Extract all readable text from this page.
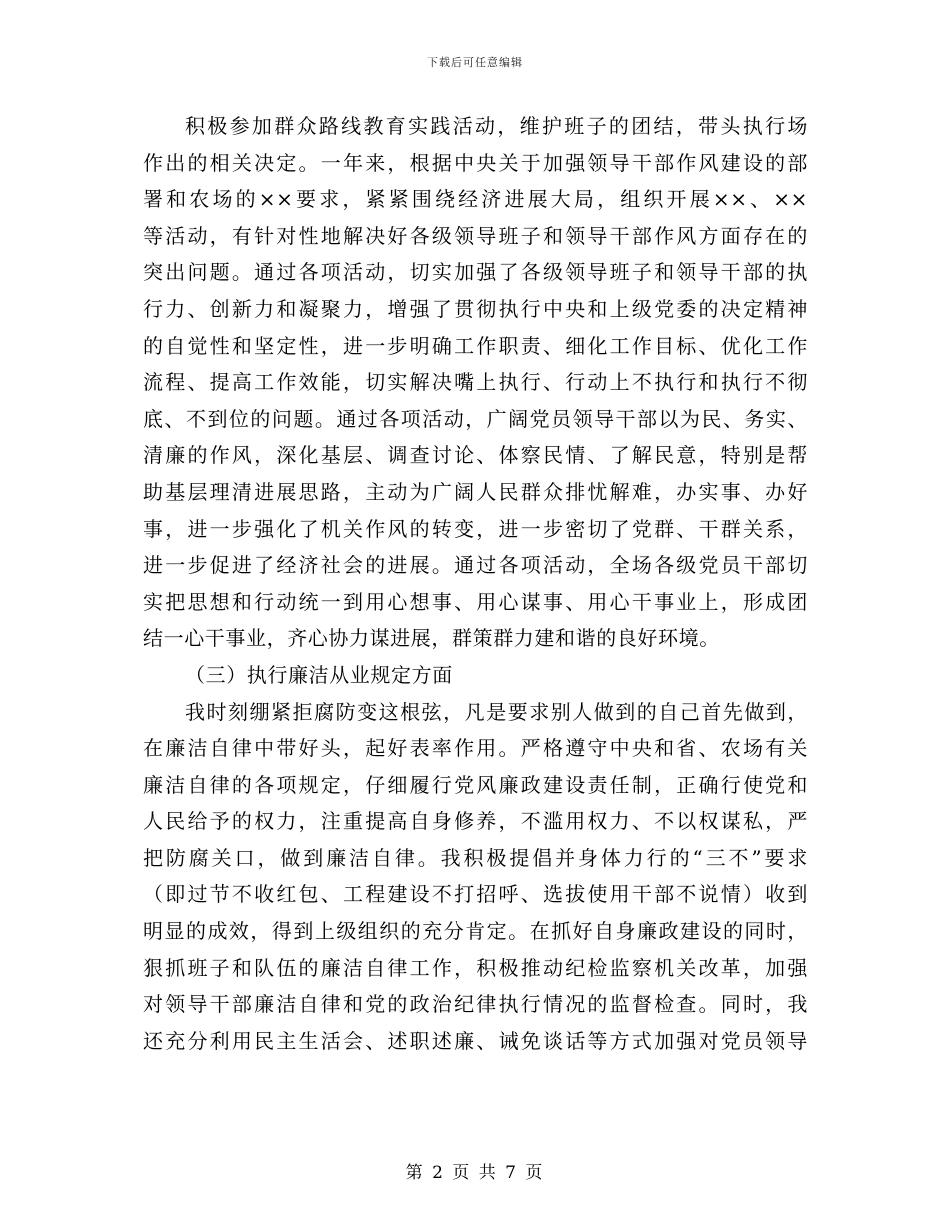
下载后可任意编辑
积极参加群众路线教育实践活动，维护班子的团结，带头执行场
作出的相关决定。一年来，根据中央关于加强领导干部作风建设的部
署和农场的××要求，紧紧围绕经济进展大局，组织开展××、××
等活动，有针对性地解决好各级领导班子和领导干部作风方面存在的
突出问题。通过各项活动，切实加强了各级领导班子和领导干部的执
行力、创新力和凝聚力，增强了贯彻执行中央和上级党委的决定精神
的自觉性和坚定性，进一步明确工作职责、细化工作目标、优化工作
流程、提高工作效能，切实解决嘴上执行、行动上不执行和执行不彻
底、不到位的问题。通过各项活动，广阔党员领导干部以为民、务实、
清廉的作风，深化基层、调查讨论、体察民情、了解民意，特别是帮
助基层理清进展思路，主动为广阔人民群众排忧解难，办实事、办好
事，进一步强化了机关作风的转变，进一步密切了党群、干群关系，
进一步促进了经济社会的进展。通过各项活动，全场各级党员干部切
实把思想和行动统一到用心想事、用心谋事、用心干事业上，形成团
结一心干事业，齐心协力谋进展，群策群力建和谐的良好环境。
（三）执行廉洁从业规定方面
我时刻绷紧拒腐防变这根弦，凡是要求别人做到的自己首先做到，
在廉洁自律中带好头，起好表率作用。严格遵守中央和省、农场有关
廉洁自律的各项规定，仔细履行党风廉政建设责任制，正确行使党和
人民给予的权力，注重提高自身修养，不滥用权力、不以权谋私，严
把防腐关口，做到廉洁自律。我积极提倡并身体力行的“三不”要求
（即过节不收红包、工程建设不打招呼、选拔使用干部不说情）收到
明显的成效，得到上级组织的充分肯定。在抓好自身廉政建设的同时，
狠抓班子和队伍的廉洁自律工作，积极推动纪检监察机关改革，加强
对领导干部廉洁自律和党的政治纪律执行情况的监督检查。同时，我
还充分利用民主生活会、述职述廉、诫免谈话等方式加强对党员领导
第 2 页 共 7 页
